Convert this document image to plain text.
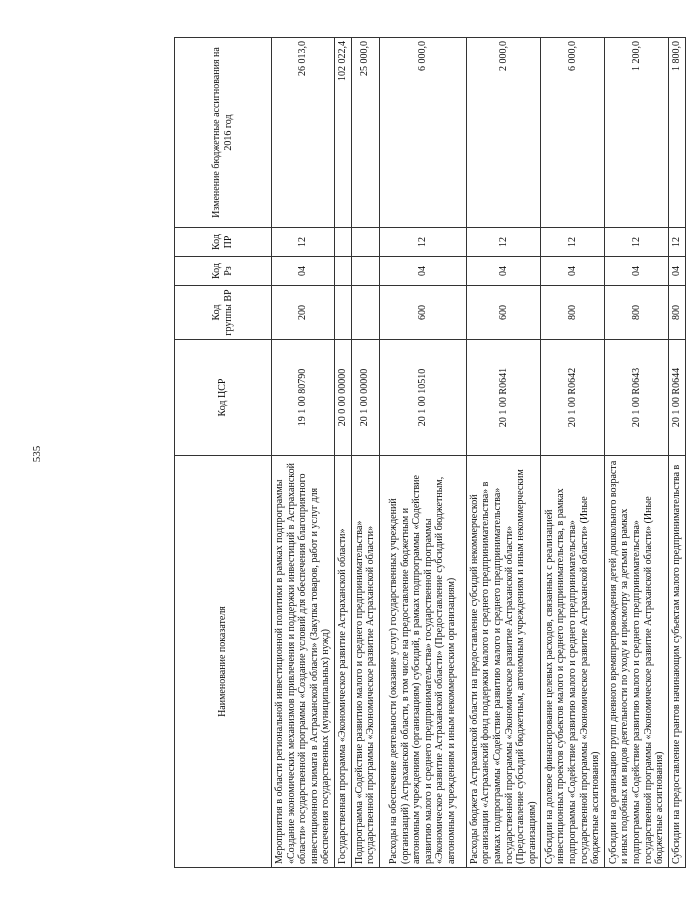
535
Наименование показателя	Код ЦСР	Код группы ВР	Код Рз	Код ПР	Изменение бюджетные ассигнования на 2016 год
Мероприятия в области региональной инвестиционной политики в рамках подпрограммы «Создание экономических механизмов привлечения и поддержки инвестиций в Астраханской области» государственной программы «Создание условий для обеспечения благоприятного инвестиционного климата в Астраханской области» (Закупка товаров, работ и услуг для обеспечения государственных (муниципальных) нужд)	19 1 00 80790	200	04	12	26 013,0
Государственная программа «Экономическое развитие Астраханской области»	20 0 00 00000				102 022,4
Подпрограмма «Содействие развитию малого и среднего предпринимательства» государственной программы «Экономическое развитие Астраханской области»	20 1 00 00000				25 000,0
Расходы на обеспечение деятельности (оказание услуг) государственных учреждений (организаций) Астраханской области, в том числе на предоставление бюджетным и автономным учреждениям (организациям) субсидий, в рамках подпрограммы «Содействие развитию малого и среднего предпринимательства» государственной программы «Экономическое развитие Астраханской области» (Предоставление субсидий бюджетным, автономным учреждениям и иным некоммерческим организациям)	20 1 00 10510	600	04	12	6 000,0
Расходы бюджета Астраханской области на предоставление субсидий некоммерческой организации «Астраханский фонд поддержки малого и среднего предпринимательства» в рамках подпрограммы «Содействие развитию малого и среднего предпринимательства» государственной программы «Экономическое развитие Астраханской области» (Предоставление субсидий бюджетным, автономным учреждениям и иным некоммерческим организациям)	20 1 00 R0641	600	04	12	2 000,0
Субсидии на долевое финансирование целевых расходов, связанных с реализацией инвестиционных проектов субъектов малого и среднего предпринимательства, в рамках подпрограммы «Содействие развитию малого и среднего предпринимательства» государственной программы «Экономическое развитие Астраханской области» (Иные бюджетные ассигнования)	20 1 00 R0642	800	04	12	6 000,0
Субсидии на организацию групп дневного времяпрепровождения детей дошкольного возраста и иных подобных им видов деятельности по уходу и присмотру за детьми в рамках подпрограммы «Содействие развитию малого и среднего предпринимательства» государственной программы «Экономическое развитие Астраханской области» (Иные бюджетные ассигнования)	20 1 00 R0643	800	04	12	1 200,0
Субсидии на предоставление грантов начинающим субъектам малого предпринимательства в	20 1 00 R0644	800	04	12	1 800,0
